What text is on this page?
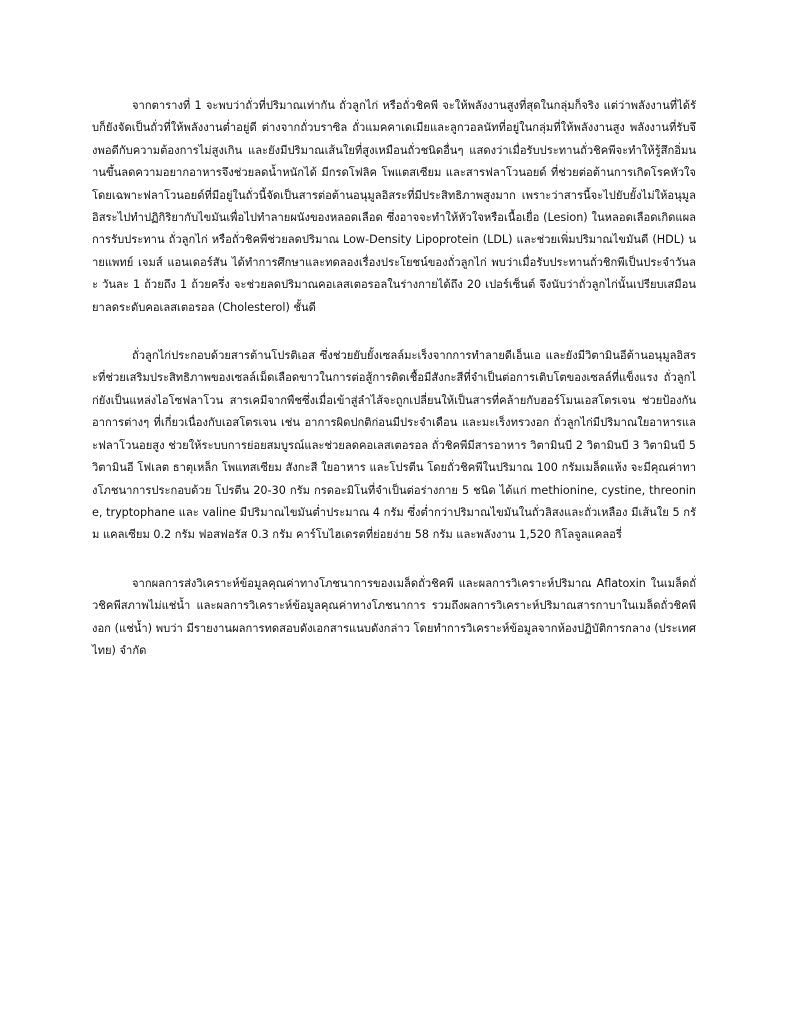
จากตารางที่ 1 จะพบว่าถั่วที่ปริมาณเท่ากัน ถั่วลูกไก่ หรือถั่วชิคพี จะให้พลังงานสูงที่สุดในกลุ่มก็จริง แต่ว่าพลังงานที่ได้รับก็ยังจัดเป็นถั่วที่ให้พลังงานต่ำอยู่ดี ต่างจากถั่วบราซิล ถั่วแมคคาเดเมียและลูกวอลนัทที่อยู่ในกลุ่มที่ให้พลังงานสูง พลังงานที่รับจึงพอดีกับความต้องการไม่สูงเกิน และยังมีปริมาณเส้นใยที่สูงเหมือนถั่วชนิดอื่นๆ แสดงว่าเมื่อรับประทานถั่วชิคพีจะทำให้รู้สึกอิ่มนานขึ้นลดความอยากอาหารจึงช่วยลดน้ำหนักได้ มีกรดโฟลิค โพแตสเซียม และสารฟลาโวนอยด์ ที่ช่วยต่อต้านการเกิดโรคหัวใจ โดยเฉพาะฟลาโวนอยด์ที่มีอยู่ในถั่วนี้จัดเป็นสารต่อต้านอนุมูลอิสระที่มีประสิทธิภาพสูงมาก เพราะว่าสารนี้จะไปยับยั้งไม่ให้อนุมูลอิสระไปทำปฏิกิริยากับไขมันเพื่อไปทำลายผนังของหลอดเลือด ซึ่งอาจจะทำให้หัวใจหรือเนื้อเยื่อ (Lesion) ในหลอดเลือดเกิดแผล การรับประทาน ถั่วลูกไก่ หรือถั่วชิคพีช่วยลดปริมาณ Low-Density Lipoprotein (LDL) และช่วยเพิ่มปริมาณไขมันดี (HDL) นายแพทย์ เจมส์ แอนเดอร์สัน ได้ทำการศึกษาและทดลองเรื่องประโยชน์ของถั่วลูกไก่ พบว่าเมื่อรับประทานถั่วชิกพีเป็นประจำวันละ วันละ 1 ถ้วยถึง 1 ถ้วยครึ่ง จะช่วยลดปริมาณคอเลสเตอรอลในร่างกายได้ถึง 20 เปอร์เซ็นต์ จึงนับว่าถั่วลูกไก่นั้นเปรียบเสมือนยาลดระดับคอเลสเตอรอล (Cholesterol) ชั้นดี

ถั่วลูกไก่ประกอบด้วยสารต้านโปรติเอส ซึ่งช่วยยับยั้งเซลล์มะเร็งจากการทำลายดีเอ็นเอ และยังมีวิตามินอีต้านอนุมูลอิสระที่ช่วยเสริมประสิทธิภาพของเซลล์เม็ดเลือดขาวในการต่อสู้การติดเชื้อมีสังกะสีที่จำเป็นต่อการเติบโตของเซลล์ที่แข็งแรง ถั่วลูกไก่ยังเป็นแหล่งไอโซฟลาโวน สารเคมีจากพืชซึ่งเมื่อเข้าสู่ลำไส้จะถูกเปลี่ยนให้เป็นสารที่คล้ายกับฮอร์โมนเอสโตรเจน ช่วยป้องกันอาการต่างๆ ที่เกี่ยวเนื่องกับเอสโตรเจน เช่น อาการผิดปกติก่อนมีประจำเดือน และมะเร็งทรวงอก ถั่วลูกไก่มีปริมาณใยอาหารและฟลาโวนอยสูง ช่วยให้ระบบการย่อยสมบูรณ์และช่วยลดคอเลสเตอรอล ถั่วชิคพีมีสารอาหาร วิตามินบี 2 วิตามินบี 3 วิตามินบี 5 วิตามินอี โฟเลต ธาตุเหล็ก โพแทสเซียม สังกะสี ใยอาหาร และโปรตีน โดยถั่วชิคพีในปริมาณ 100 กรัมเมล็ดแห้ง จะมีคุณค่าทางโภชนาการประกอบด้วย โปรตีน 20-30 กรัม กรดอะมิโนที่จำเป็นต่อร่างกาย 5 ชนิด ได้แก่ methionine, cystine, threonine, tryptophane และ valine มีปริมาณไขมันต่ำประมาณ 4 กรัม ซึ่งต่ำกว่าปริมาณไขมันในถั่วลิสงและถั่วเหลือง มีเส้นใย 5 กรัม แคลเซียม 0.2 กรัม ฟอสฟอรัส 0.3 กรัม คาร์โบไฮเดรตที่ย่อยง่าย 58 กรัม และพลังงาน 1,520 กิโลจูลแคลอรี่

จากผลการส่งวิเคราะห์ข้อมูลคุณค่าทางโภชนาการของเมล็ดถั่วชิคพี และผลการวิเคราะห์ปริมาณ Aflatoxin ในเมล็ดถั่วชิคพีสภาพไม่แช่น้ำ และผลการวิเคราะห์ข้อมูลคุณค่าทางโภชนาการ รวมถึงผลการวิเคราะห์ปริมาณสารกาบาในเมล็ดถั่วชิคพีงอก (แช่น้ำ) พบว่า มีรายงานผลการทดสอบดังเอกสารแนบดังกล่าว โดยทำการวิเคราะห์ข้อมูลจากห้องปฏิบัติการกลาง (ประเทศไทย) จำกัด
